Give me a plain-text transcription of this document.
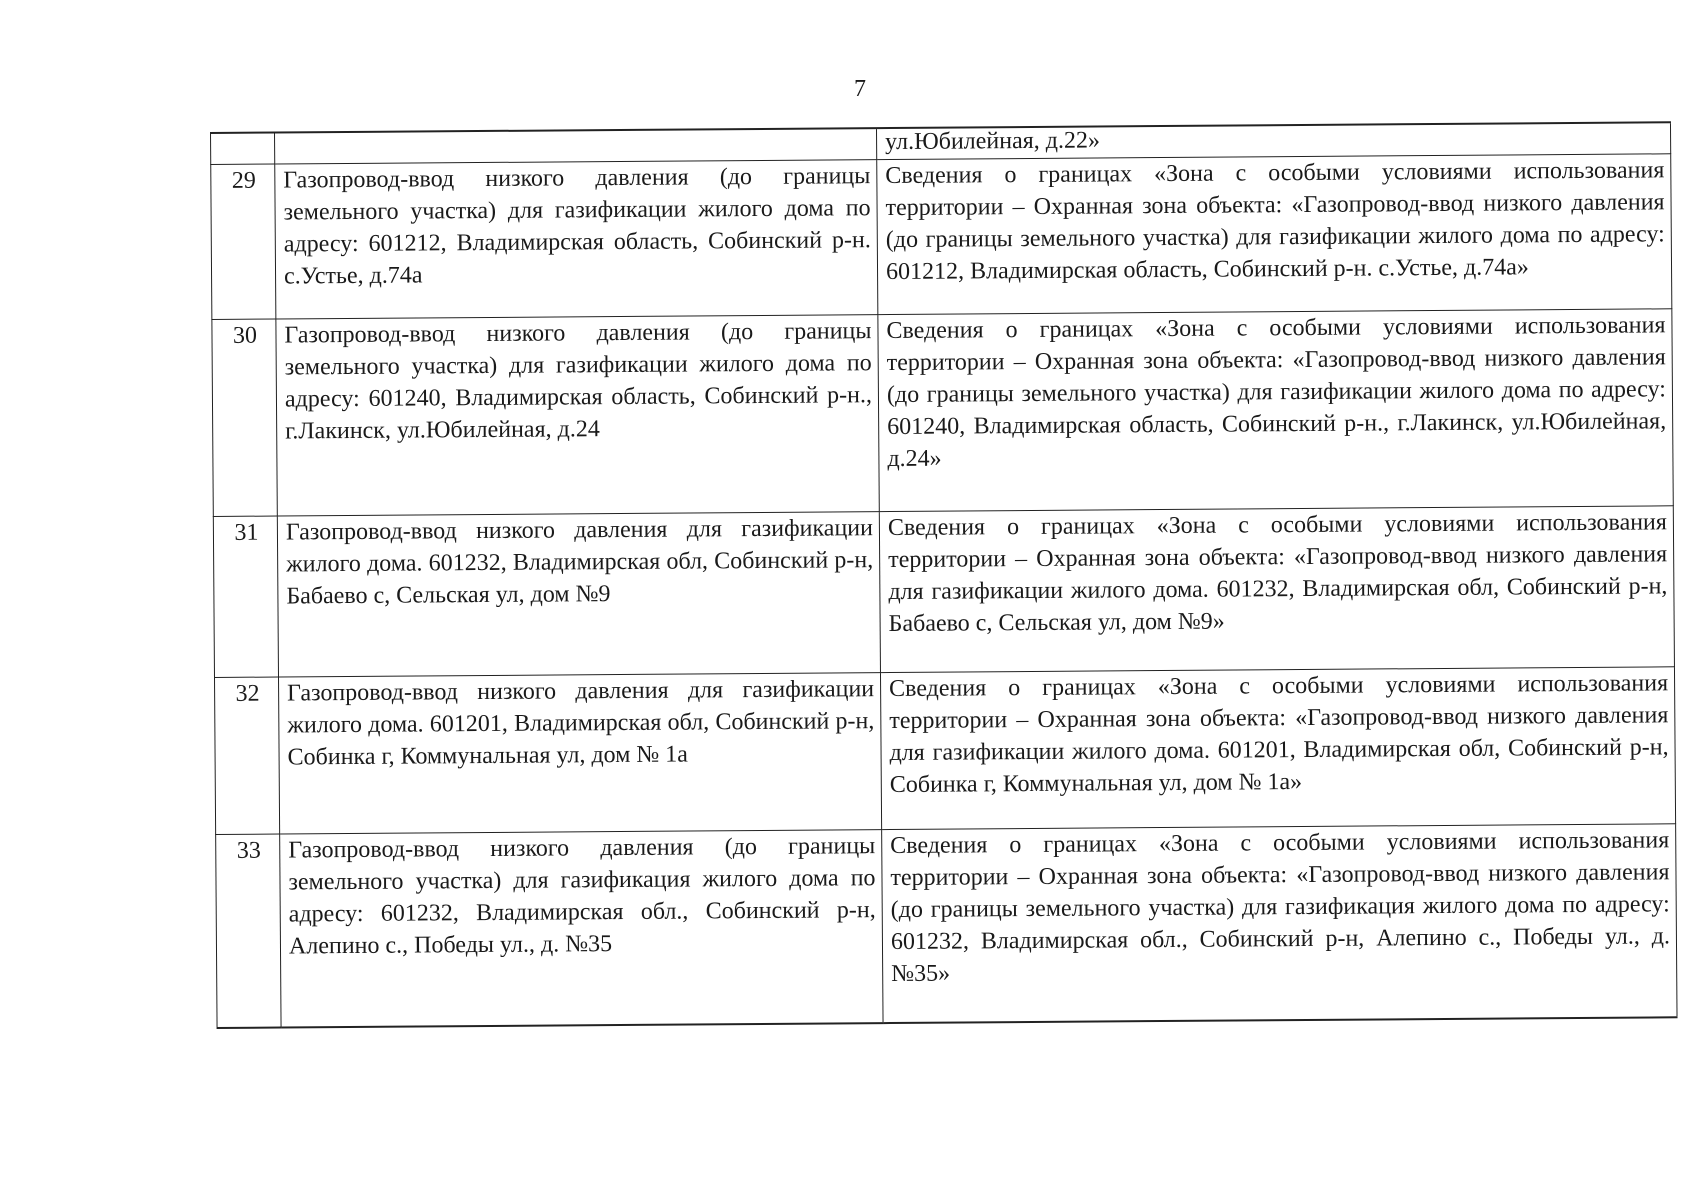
7
		ул.Юбилейная, д.22»
29	Газопровод-ввод низкого давления (до границы земельного участка) для газификации жилого дома по адресу: 601212, Владимирская область, Собинский р-н. с.Устье, д.74а	Сведения о границах «Зона с особыми условиями использования территории – Охранная зона объекта: «Газопровод-ввод низкого давления (до границы земельного участка) для газификации жилого дома по адресу: 601212, Владимирская область, Собинский р-н. с.Устье, д.74а»
30	Газопровод-ввод низкого давления (до границы земельного участка) для газификации жилого дома по адресу: 601240, Владимирская область, Собинский р-н., г.Лакинск, ул.Юбилейная, д.24	Сведения о границах «Зона с особыми условиями использования территории – Охранная зона объекта: «Газопровод-ввод низкого давления (до границы земельного участка) для газификации жилого дома по адресу: 601240, Владимирская область, Собинский р-н., г.Лакинск, ул.Юбилейная, д.24»
31	Газопровод-ввод низкого давления для газификации жилого дома. 601232, Владимирская обл, Собинский р-н, Бабаево с, Сельская ул, дом №9	Сведения о границах «Зона с особыми условиями использования территории – Охранная зона объекта: «Газопровод-ввод низкого давления для газификации жилого дома. 601232, Владимирская обл, Собинский р-н, Бабаево с, Сельская ул, дом №9»
32	Газопровод-ввод низкого давления для газификации жилого дома. 601201, Владимирская обл, Собинский р-н, Собинка г, Коммунальная ул, дом № 1а	Сведения о границах «Зона с особыми условиями использования территории – Охранная зона объекта: «Газопровод-ввод низкого давления для газификации жилого дома. 601201, Владимирская обл, Собинский р-н, Собинка г, Коммунальная ул, дом № 1а»
33	Газопровод-ввод низкого давления (до границы земельного участка) для газификация жилого дома по адресу: 601232, Владимирская обл., Собинский р-н, Алепино с., Победы ул., д. №35	Сведения о границах «Зона с особыми условиями использования территории – Охранная зона объекта: «Газопровод-ввод низкого давления (до границы земельного участка) для газификация жилого дома по адресу: 601232, Владимирская обл., Собинский р-н, Алепино с., Победы ул., д. №35»
